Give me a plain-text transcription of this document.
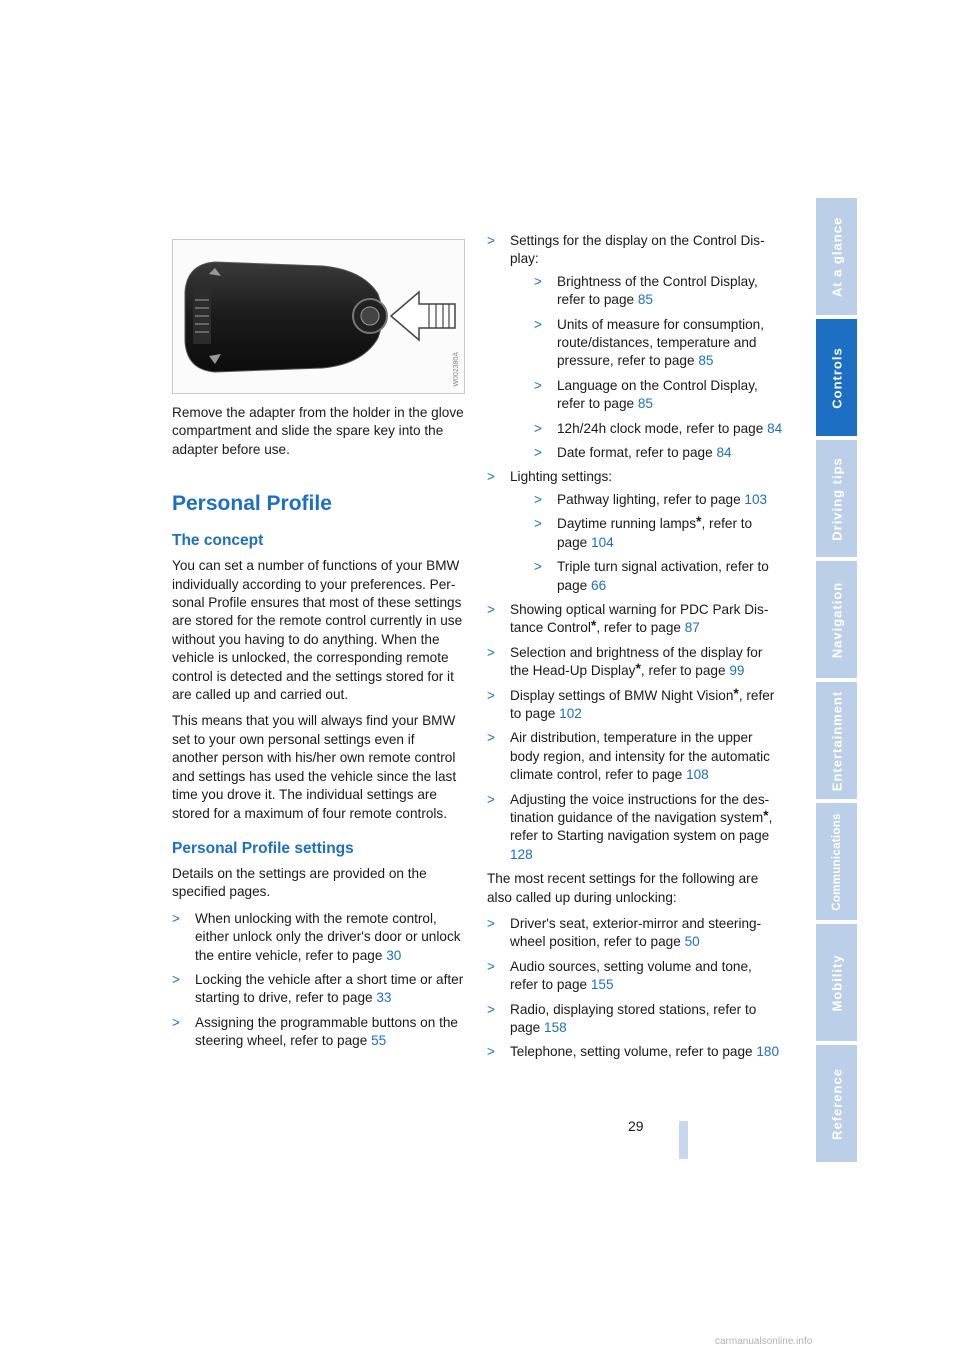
W002380A

Remove the adapter from the holder in the glove compartment and slide the spare key into the adapter before use.

Personal Profile
The concept

You can set a number of functions of your BMW individually according to your preferences. Personal Profile ensures that most of these settings are stored for the remote control currently in use without you having to do anything. When the vehicle is unlocked, the corresponding remote control is detected and the settings stored for it are called up and carried out.

This means that you will always find your BMW set to your own personal settings even if another person with his/her own remote control and settings has used the vehicle since the last time you drove it. The individual settings are stored for a maximum of four remote controls.

Personal Profile settings

Details on the settings are provided on the specified pages.

> When unlocking with the remote control, either unlock only the driver's door or unlock the entire vehicle, refer to page 30
> Locking the vehicle after a short time or after starting to drive, refer to page 33
> Assigning the programmable buttons on the steering wheel, refer to page 55
> Settings for the display on the Control Display:
> Brightness of the Control Display, refer to page 85
> Units of measure for consumption, route/distances, temperature and pressure, refer to page 85
> Language on the Control Display, refer to page 85
> 12h/24h clock mode, refer to page 84
> Date format, refer to page 84
> Lighting settings:
> Pathway lighting, refer to page 103
> Daytime running lamps*, refer to page 104
> Triple turn signal activation, refer to page 66
> Showing optical warning for PDC Park Distance Control*, refer to page 87
> Selection and brightness of the display for the Head-Up Display*, refer to page 99
> Display settings of BMW Night Vision*, refer to page 102
> Air distribution, temperature in the upper body region, and intensity for the automatic climate control, refer to page 108
> Adjusting the voice instructions for the destination guidance of the navigation system*, refer to Starting navigation system on page 128

The most recent settings for the following are also called up during unlocking:

> Driver's seat, exterior-mirror and steering-wheel position, refer to page 50
> Audio sources, setting volume and tone, refer to page 155
> Radio, displaying stored stations, refer to page 158
> Telephone, setting volume, refer to page 180
29
At a glance
Controls
Driving tips
Navigation
Entertainment
Communications
Mobility
Reference
carmanualsonline.info
